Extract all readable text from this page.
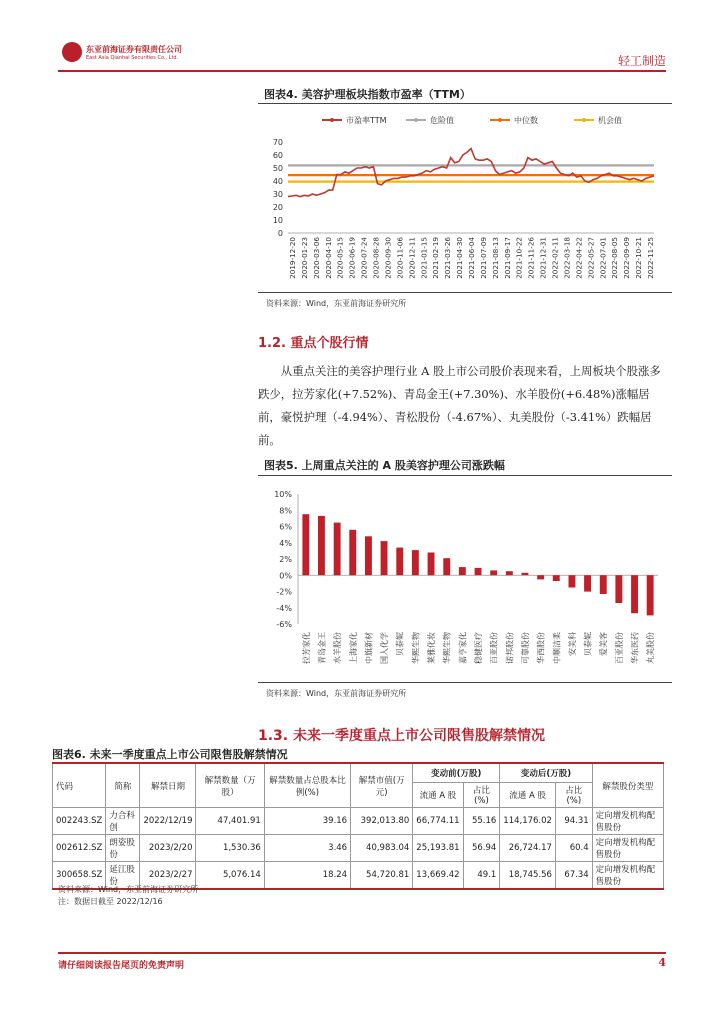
东亚前海证券有限责任公司
East Asia Qianhai Securities Co., Ltd.	轻工制造
图表4. 美容护理板块指数市盈率（TTM）
市盈率TTM	危险值	中位数	机会值
0
10
20
30
40
50
60
70
2019-12-20 2020-01-23 2020-03-06 2020-04-10 2020-05-15 2020-06-19 2020-07-24 2020-08-28 2020-09-30 2020-11-06 2020-12-11 2021-01-15 2021-02-19 2021-03-26 2021-04-30 2021-06-04 2021-07-09 2021-08-13 2021-09-17 2021-10-22 2021-11-26 2021-12-31 2022-02-11 2022-03-18 2022-04-22 2022-05-27 2022-07-01 2022-08-05 2022-09-09 2022-10-21 2022-11-25
资料来源：Wind，东亚前海证券研究所
1.2. 重点个股行情
从重点关注的美容护理行业 A 股上市公司股价表现来看，上周板块个股涨多跌少，拉芳家化(+7.52%)、青岛金王(+7.30%)、水羊股份(+6.48%)涨幅居前，豪悦护理（-4.94%）、青松股份（-4.67%）、丸美股份（-3.41%）跌幅居前。
图表5. 上周重点关注的 A 股美容护理公司涨跌幅
-6%
-4%
-2%
0%
2%
4%
6%
8%
10%
拉芳家化 青岛金王 水羊股份 上海家化 中旗新材 国人化学 贝泰妮 华熙生物 莱雅化妆 华熙生物 嘉亨家化 稳健医疗 百亚股份 诺邦股份 可靠股份 华西股份 中顺洁柔 安美科 贝泰妮 爱美客 百亚股份 华东医药 丸美股份
资料来源：Wind，东亚前海证券研究所
1.3. 未来一季度重点上市公司限售股解禁情况
图表6. 未来一季度重点上市公司限售股解禁情况
代码	简称	解禁日期	解禁数量（万股）	解禁数量占总股本比例(%)	解禁市值(万元)	变动前(万股)		变动后(万股)		解禁股份类型
						流通 A 股	占比(%)	流通 A 股	占比(%)	
002243.SZ	力合科创	2022/12/19	47,401.91	39.16	392,013.80	66,774.11	55.16	114,176.02	94.31	定向增发机构配售股份
002612.SZ	朗姿股份	2023/2/20	1,530.36	3.46	40,983.04	25,193.81	56.94	26,724.17	60.4	定向增发机构配售股份
300658.SZ	延江股份	2023/2/27	5,076.14	18.24	54,720.81	13,669.42	49.1	18,745.56	67.34	定向增发机构配售股份
资料来源：Wind，东亚前海证券研究所
注：数据日截至 2022/12/16
请仔细阅读报告尾页的免责声明	4
